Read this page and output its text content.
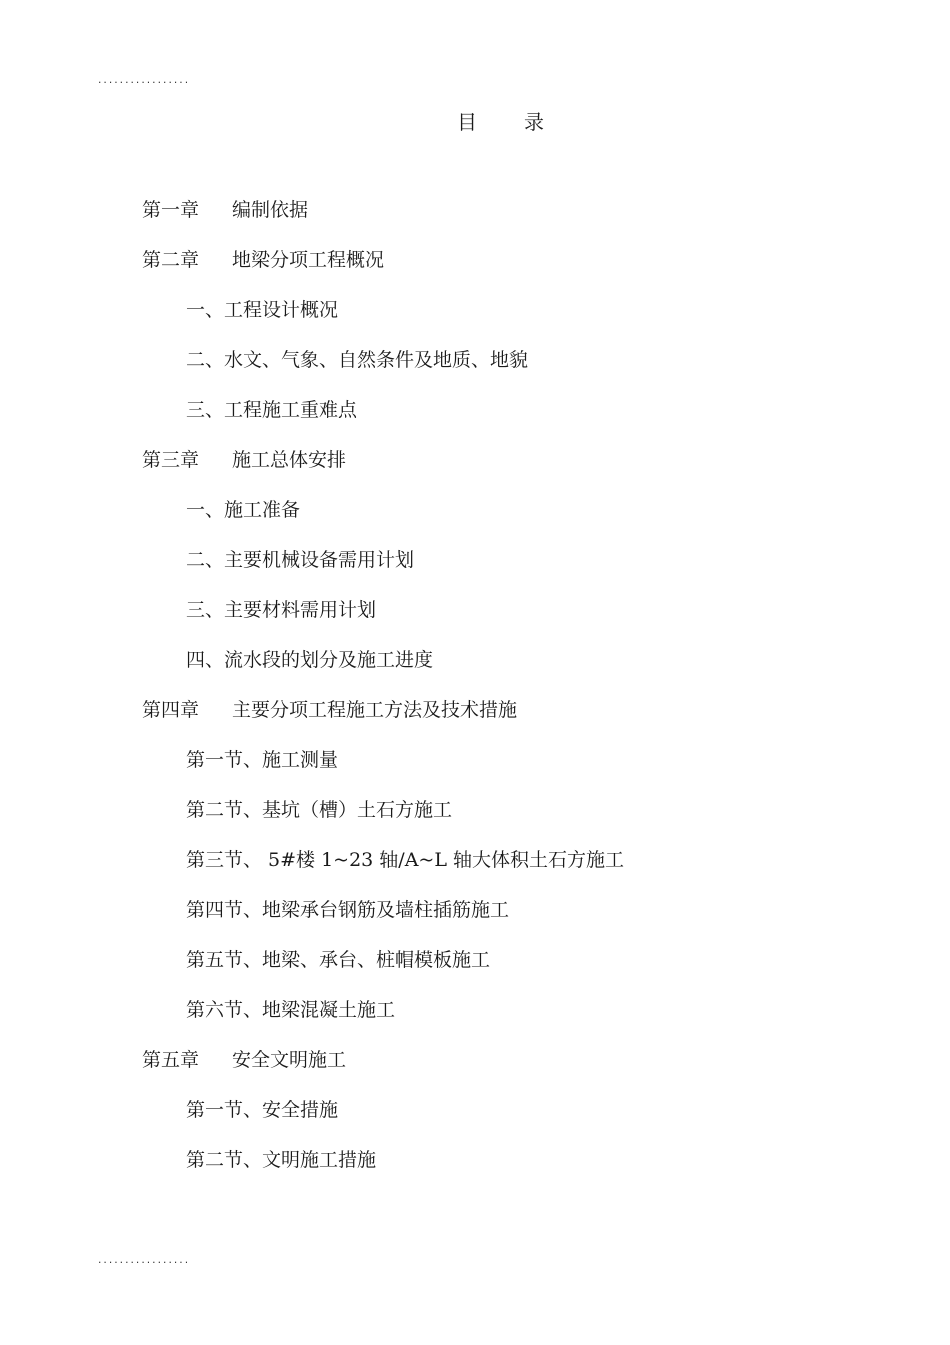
.................
目 录
第一章 编制依据
第二章 地梁分项工程概况
一、工程设计概况
二、水文、气象、自然条件及地质、地貌
三、工程施工重难点
第三章 施工总体安排
一、施工准备
二、主要机械设备需用计划
三、主要材料需用计划
四、流水段的划分及施工进度
第四章 主要分项工程施工方法及技术措施
第一节、施工测量
第二节、基坑（槽）土石方施工
第三节、 5#楼 1~23 轴/A~L 轴大体积土石方施工
第四节、地梁承台钢筋及墙柱插筋施工
第五节、地梁、承台、桩帽模板施工
第六节、地梁混凝土施工
第五章 安全文明施工
第一节、安全措施
第二节、文明施工措施
.................
